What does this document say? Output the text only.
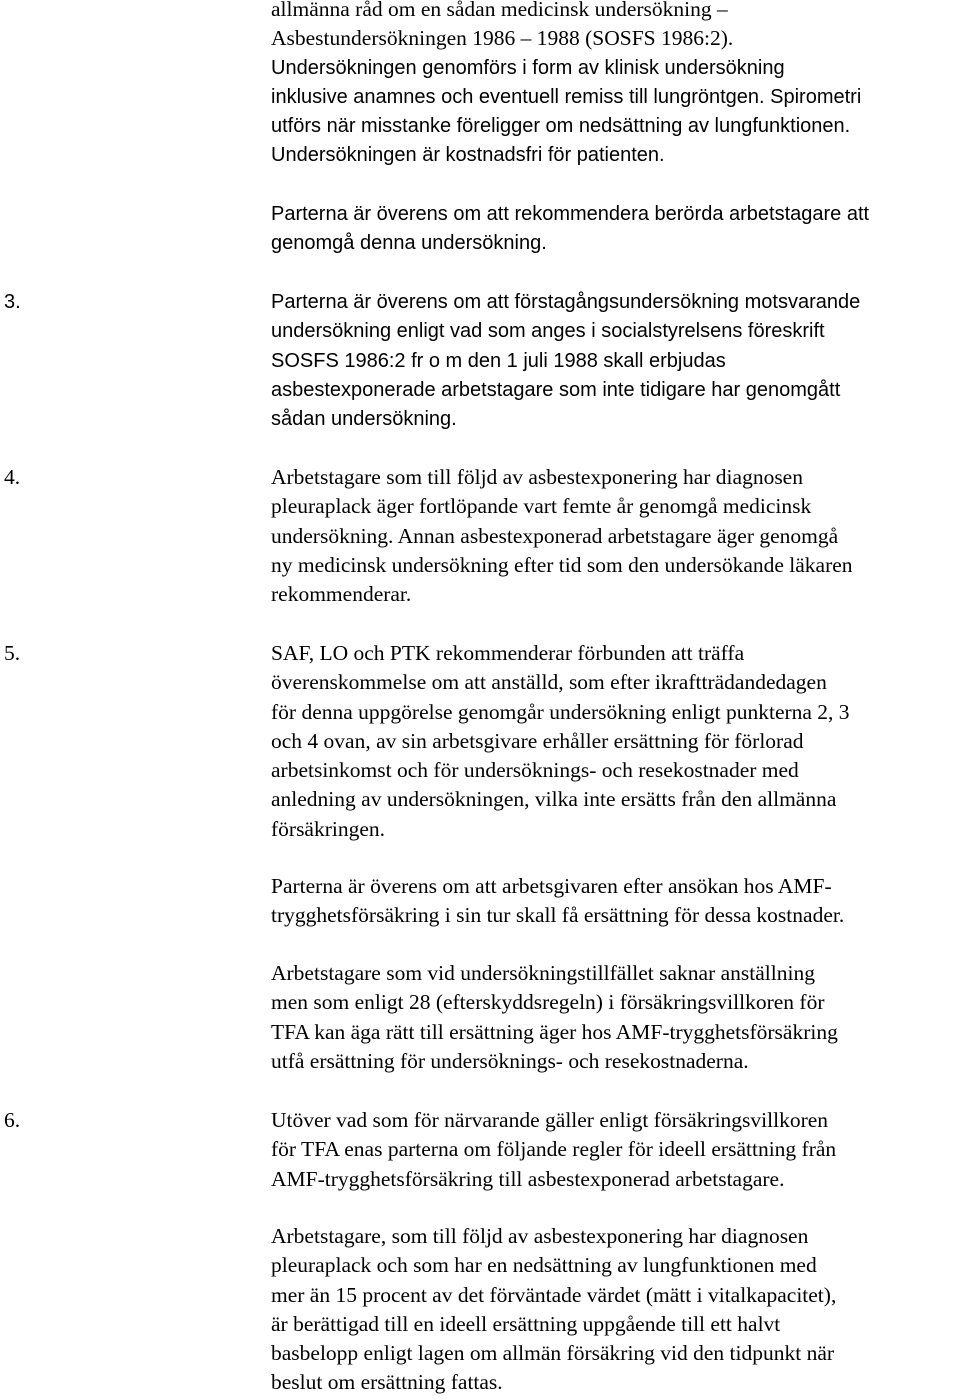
allmänna råd om en sådan medicinsk undersökning –
Asbestundersökningen 1986 – 1988 (SOSFS 1986:2).
Undersökningen genomförs i form av klinisk undersökning
inklusive anamnes och eventuell remiss till lungröntgen. Spirometri
utförs när misstanke föreligger om nedsättning av lungfunktionen.
Undersökningen är kostnadsfri för patienten.
Parterna är överens om att rekommendera berörda arbetstagare att
genomgå denna undersökning.
3.	Parterna är överens om att förstagångsundersökning motsvarande
undersökning enligt vad som anges i socialstyrelsens föreskrift
SOSFS 1986:2 fr o m den 1 juli 1988 skall erbjudas
asbestexponerade arbetstagare som inte tidigare har genomgått
sådan undersökning.
4.	Arbetstagare som till följd av asbestexponering har diagnosen
pleuraplack äger fortlöpande vart femte år genomgå medicinsk
undersökning. Annan asbestexponerad arbetstagare äger genomgå
ny medicinsk undersökning efter tid som den undersökande läkaren
rekommenderar.
5.	SAF, LO och PTK rekommenderar förbunden att träffa
överenskommelse om att anställd, som efter ikraftträdandedagen
för denna uppgörelse genomgår undersökning enligt punkterna 2, 3
och 4 ovan, av sin arbetsgivare erhåller ersättning för förlorad
arbetsinkomst och för undersöknings- och resekostnader med
anledning av undersökningen, vilka inte ersätts från den allmänna
försäkringen.
Parterna är överens om att arbetsgivaren efter ansökan hos AMF-
trygghetsförsäkring i sin tur skall få ersättning för dessa kostnader.
Arbetstagare som vid undersökningstillfället saknar anställning
men som enligt 28 (efterskyddsregeln) i försäkringsvillkoren för
TFA kan äga rätt till ersättning äger hos AMF-trygghetsförsäkring
utfå ersättning för undersöknings- och resekostnaderna.
6.	Utöver vad som för närvarande gäller enligt försäkringsvillkoren
för TFA enas parterna om följande regler för ideell ersättning från
AMF-trygghetsförsäkring till asbestexponerad arbetstagare.
Arbetstagare, som till följd av asbestexponering har diagnosen
pleuraplack och som har en nedsättning av lungfunktionen med
mer än 15 procent av det förväntade värdet (mätt i vitalkapacitet),
är berättigad till en ideell ersättning uppgående till ett halvt
basbelopp enligt lagen om allmän försäkring vid den tidpunkt när
beslut om ersättning fattas.
